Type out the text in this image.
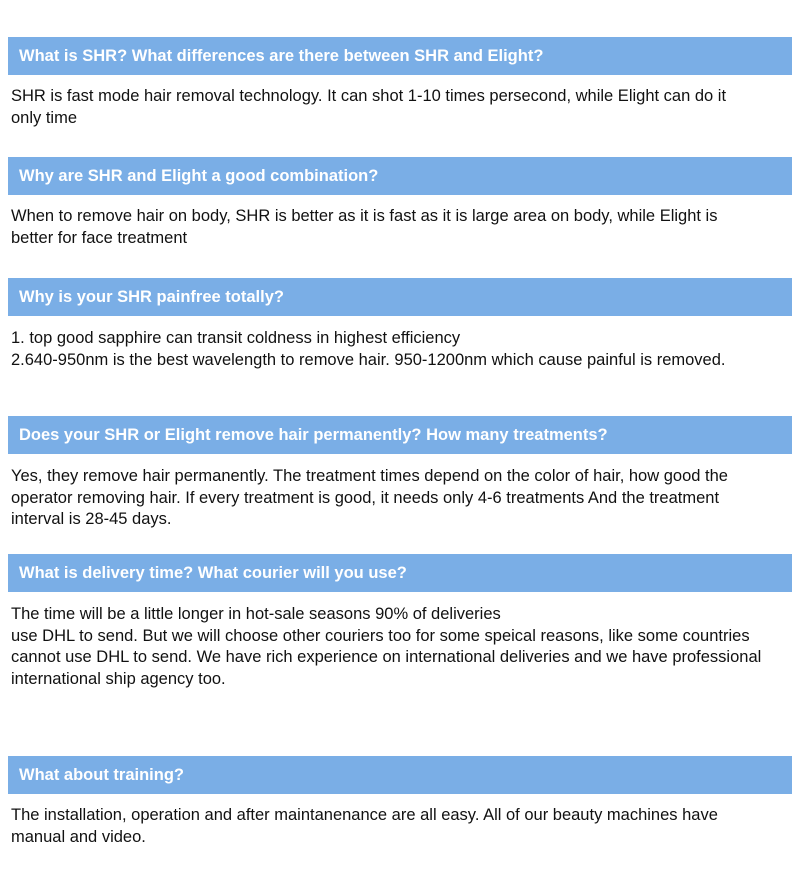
What is SHR? What differences are there between SHR and Elight?
SHR is fast mode hair removal technology. It can shot 1-10 times persecond, while Elight can do it
only time
Why are SHR and Elight a good combination?
When to remove hair on body, SHR is better as it is fast as it is large area on body, while Elight is
better for face treatment
Why is your SHR painfree totally?
1. top good sapphire can transit coldness in highest efficiency
2.640-950nm is the best wavelength to remove hair. 950-1200nm which cause painful is removed.
Does your SHR or Elight remove hair permanently? How many treatments?
Yes, they remove hair permanently. The treatment times depend on the color of hair, how good the
operator removing hair. If every treatment is good, it needs only 4-6 treatments And the treatment
interval is 28-45 days.
What is delivery time? What courier will you use?
The time will be a little longer in hot-sale seasons 90% of deliveries
use DHL to send. But we will choose other couriers too for some speical reasons, like some countries
cannot use DHL to send. We have rich experience on international deliveries and we have professional
international ship agency too.
What about training?
The installation, operation and after maintanenance are all easy. All of our beauty machines have
manual and video.
